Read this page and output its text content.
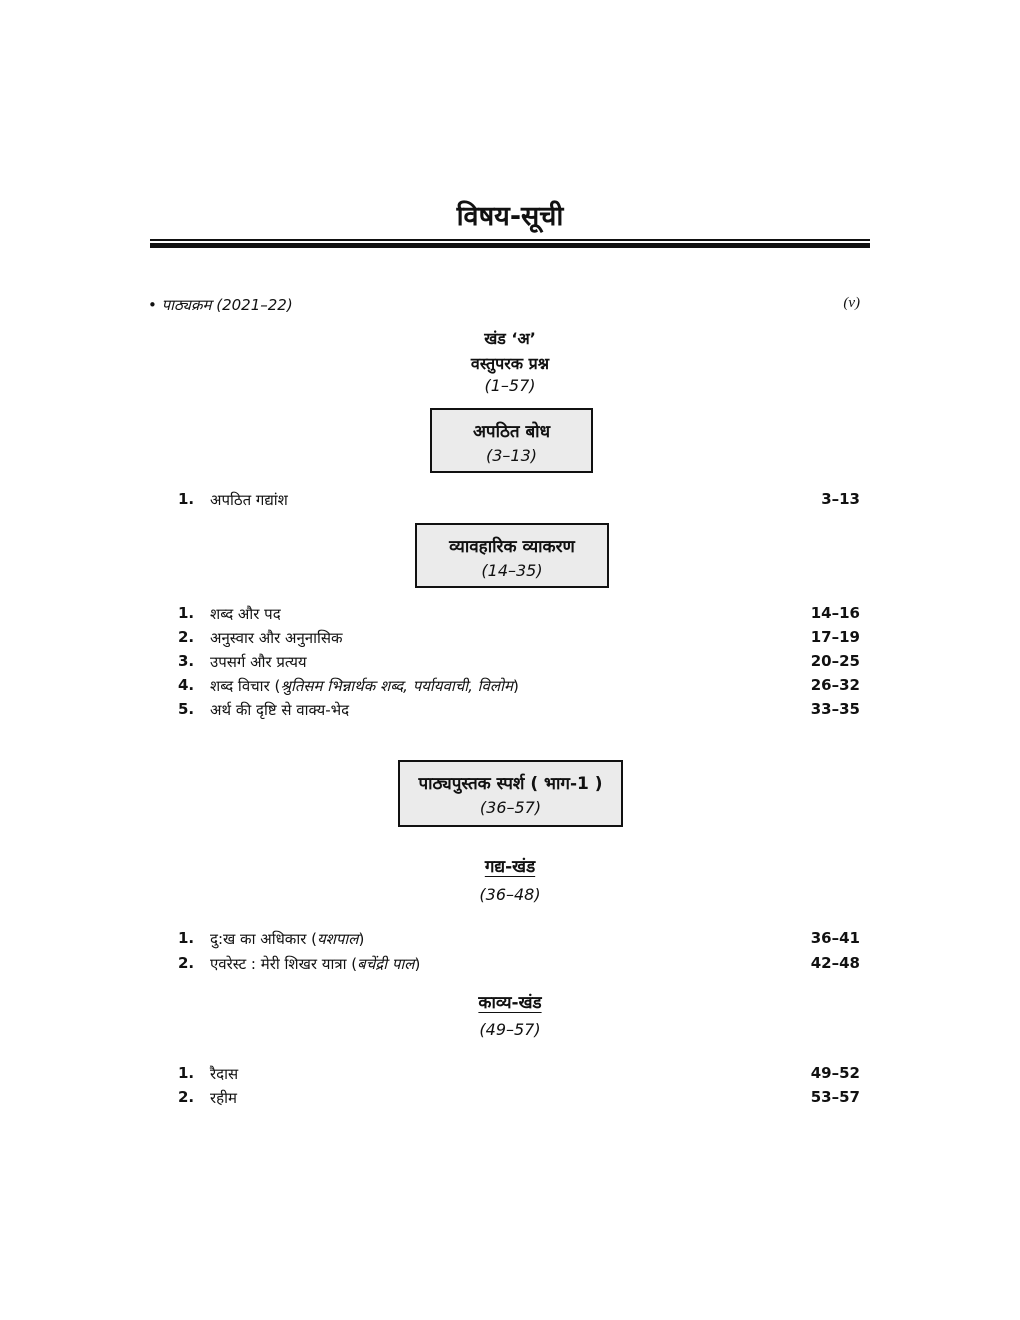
विषय-सूची
• पाठ्यक्रम (2021–22)	(v)
खंड ‘अ’
वस्तुपरक प्रश्न
(1–57)
अपठित बोध
(3–13)
1. अपठित गद्यांश	3–13
व्यावहारिक व्याकरण
(14–35)
1. शब्द और पद	14–16
2. अनुस्वार और अनुनासिक	17–19
3. उपसर्ग और प्रत्यय	20–25
4. शब्द विचार (श्रुतिसम भिन्नार्थक शब्द, पर्यायवाची, विलोम)	26–32
5. अर्थ की दृष्टि से वाक्य-भेद	33–35
पाठ्यपुस्तक स्पर्श ( भाग-1 )
(36–57)
गद्य-खंड
(36–48)
1. दु:ख का अधिकार (यशपाल)	36–41
2. एवरेस्ट : मेरी शिखर यात्रा (बचेंद्री पाल)	42–48
काव्य-खंड
(49–57)
1. रैदास	49–52
2. रहीम	53–57
